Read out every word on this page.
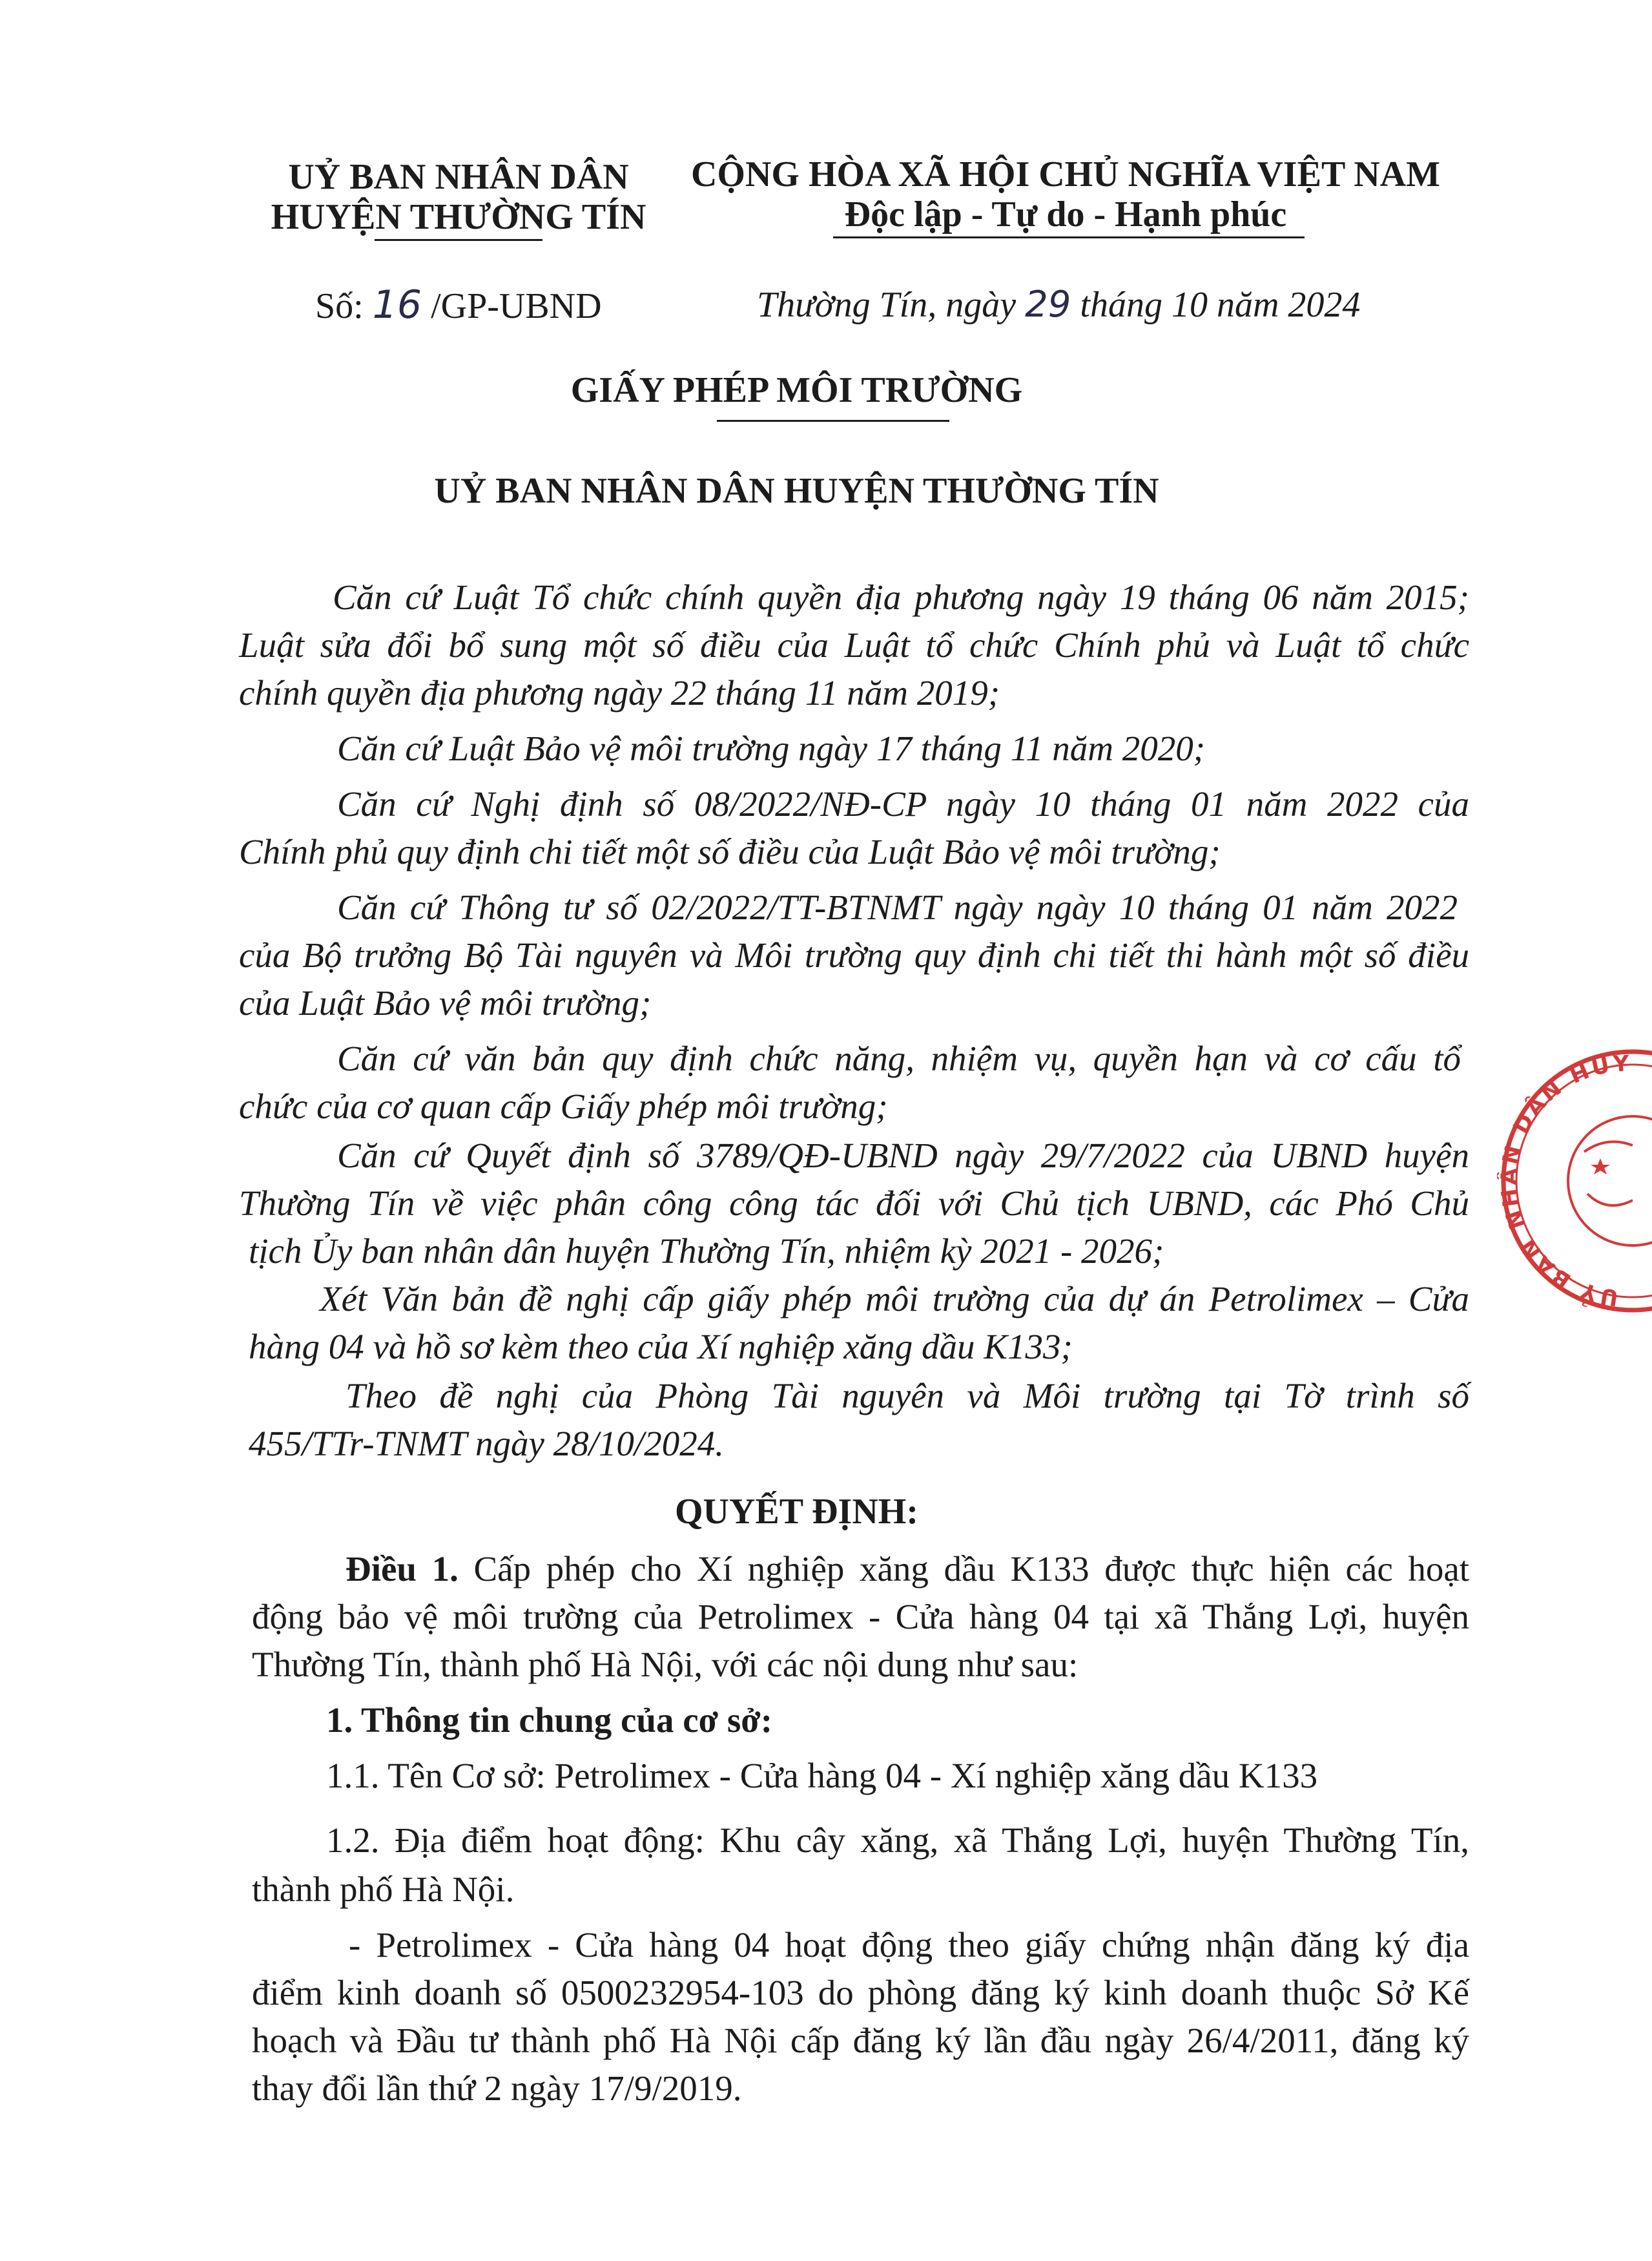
UỶ BAN NHÂN DÂN
HUYỆN THƯỜNG TÍN
CỘNG HÒA XÃ HỘI CHỦ NGHĨA VIỆT NAM
Độc lập - Tự do - Hạnh phúc
Số: 16 /GP-UBND	Thường Tín, ngày 29 tháng 10 năm 2024
GIẤY PHÉP MÔI TRƯỜNG
UỶ BAN NHÂN DÂN HUYỆN THƯỜNG TÍN
Căn cứ Luật Tổ chức chính quyền địa phương ngày 19 tháng 06 năm 2015;
Luật sửa đổi bổ sung một số điều của Luật tổ chức Chính phủ và Luật tổ chức
chính quyền địa phương ngày 22 tháng 11 năm 2019;
Căn cứ Luật Bảo vệ môi trường ngày 17 tháng 11 năm 2020;
Căn cứ Nghị định số 08/2022/NĐ-CP ngày 10 tháng 01 năm 2022 của
Chính phủ quy định chi tiết một số điều của Luật Bảo vệ môi trường;
Căn cứ Thông tư số 02/2022/TT-BTNMT ngày ngày 10 tháng 01 năm 2022
của Bộ trưởng Bộ Tài nguyên và Môi trường quy định chi tiết thi hành một số điều
của Luật Bảo vệ môi trường;
Căn cứ văn bản quy định chức năng, nhiệm vụ, quyền hạn và cơ cấu tổ
chức của cơ quan cấp Giấy phép môi trường;
Căn cứ Quyết định số 3789/QĐ-UBND ngày 29/7/2022 của UBND huyện
Thường Tín về việc phân công công tác đối với Chủ tịch UBND, các Phó Chủ
tịch Ủy ban nhân dân huyện Thường Tín, nhiệm kỳ 2021 - 2026;
Xét Văn bản đề nghị cấp giấy phép môi trường của dự án Petrolimex – Cửa
hàng 04 và hồ sơ kèm theo của Xí nghiệp xăng dầu K133;
Theo đề nghị của Phòng Tài nguyên và Môi trường tại Tờ trình số
455/TTr-TNMT ngày 28/10/2024.
QUYẾT ĐỊNH:
Điều 1. Cấp phép cho Xí nghiệp xăng dầu K133 được thực hiện các hoạt
động bảo vệ môi trường của Petrolimex - Cửa hàng 04 tại xã Thắng Lợi, huyện
Thường Tín, thành phố Hà Nội, với các nội dung như sau:
1. Thông tin chung của cơ sở:
1.1. Tên Cơ sở: Petrolimex - Cửa hàng 04 - Xí nghiệp xăng dầu K133
1.2. Địa điểm hoạt động: Khu cây xăng, xã Thắng Lợi, huyện Thường Tín,
thành phố Hà Nội.
- Petrolimex - Cửa hàng 04 hoạt động theo giấy chứng nhận đăng ký địa
điểm kinh doanh số 0500232954-103 do phòng đăng ký kinh doanh thuộc Sở Kế
hoạch và Đầu tư thành phố Hà Nội cấp đăng ký lần đầu ngày 26/4/2011, đăng ký
thay đổi lần thứ 2 ngày 17/9/2019.
UỶ BAN NHÂN DÂN HUY
